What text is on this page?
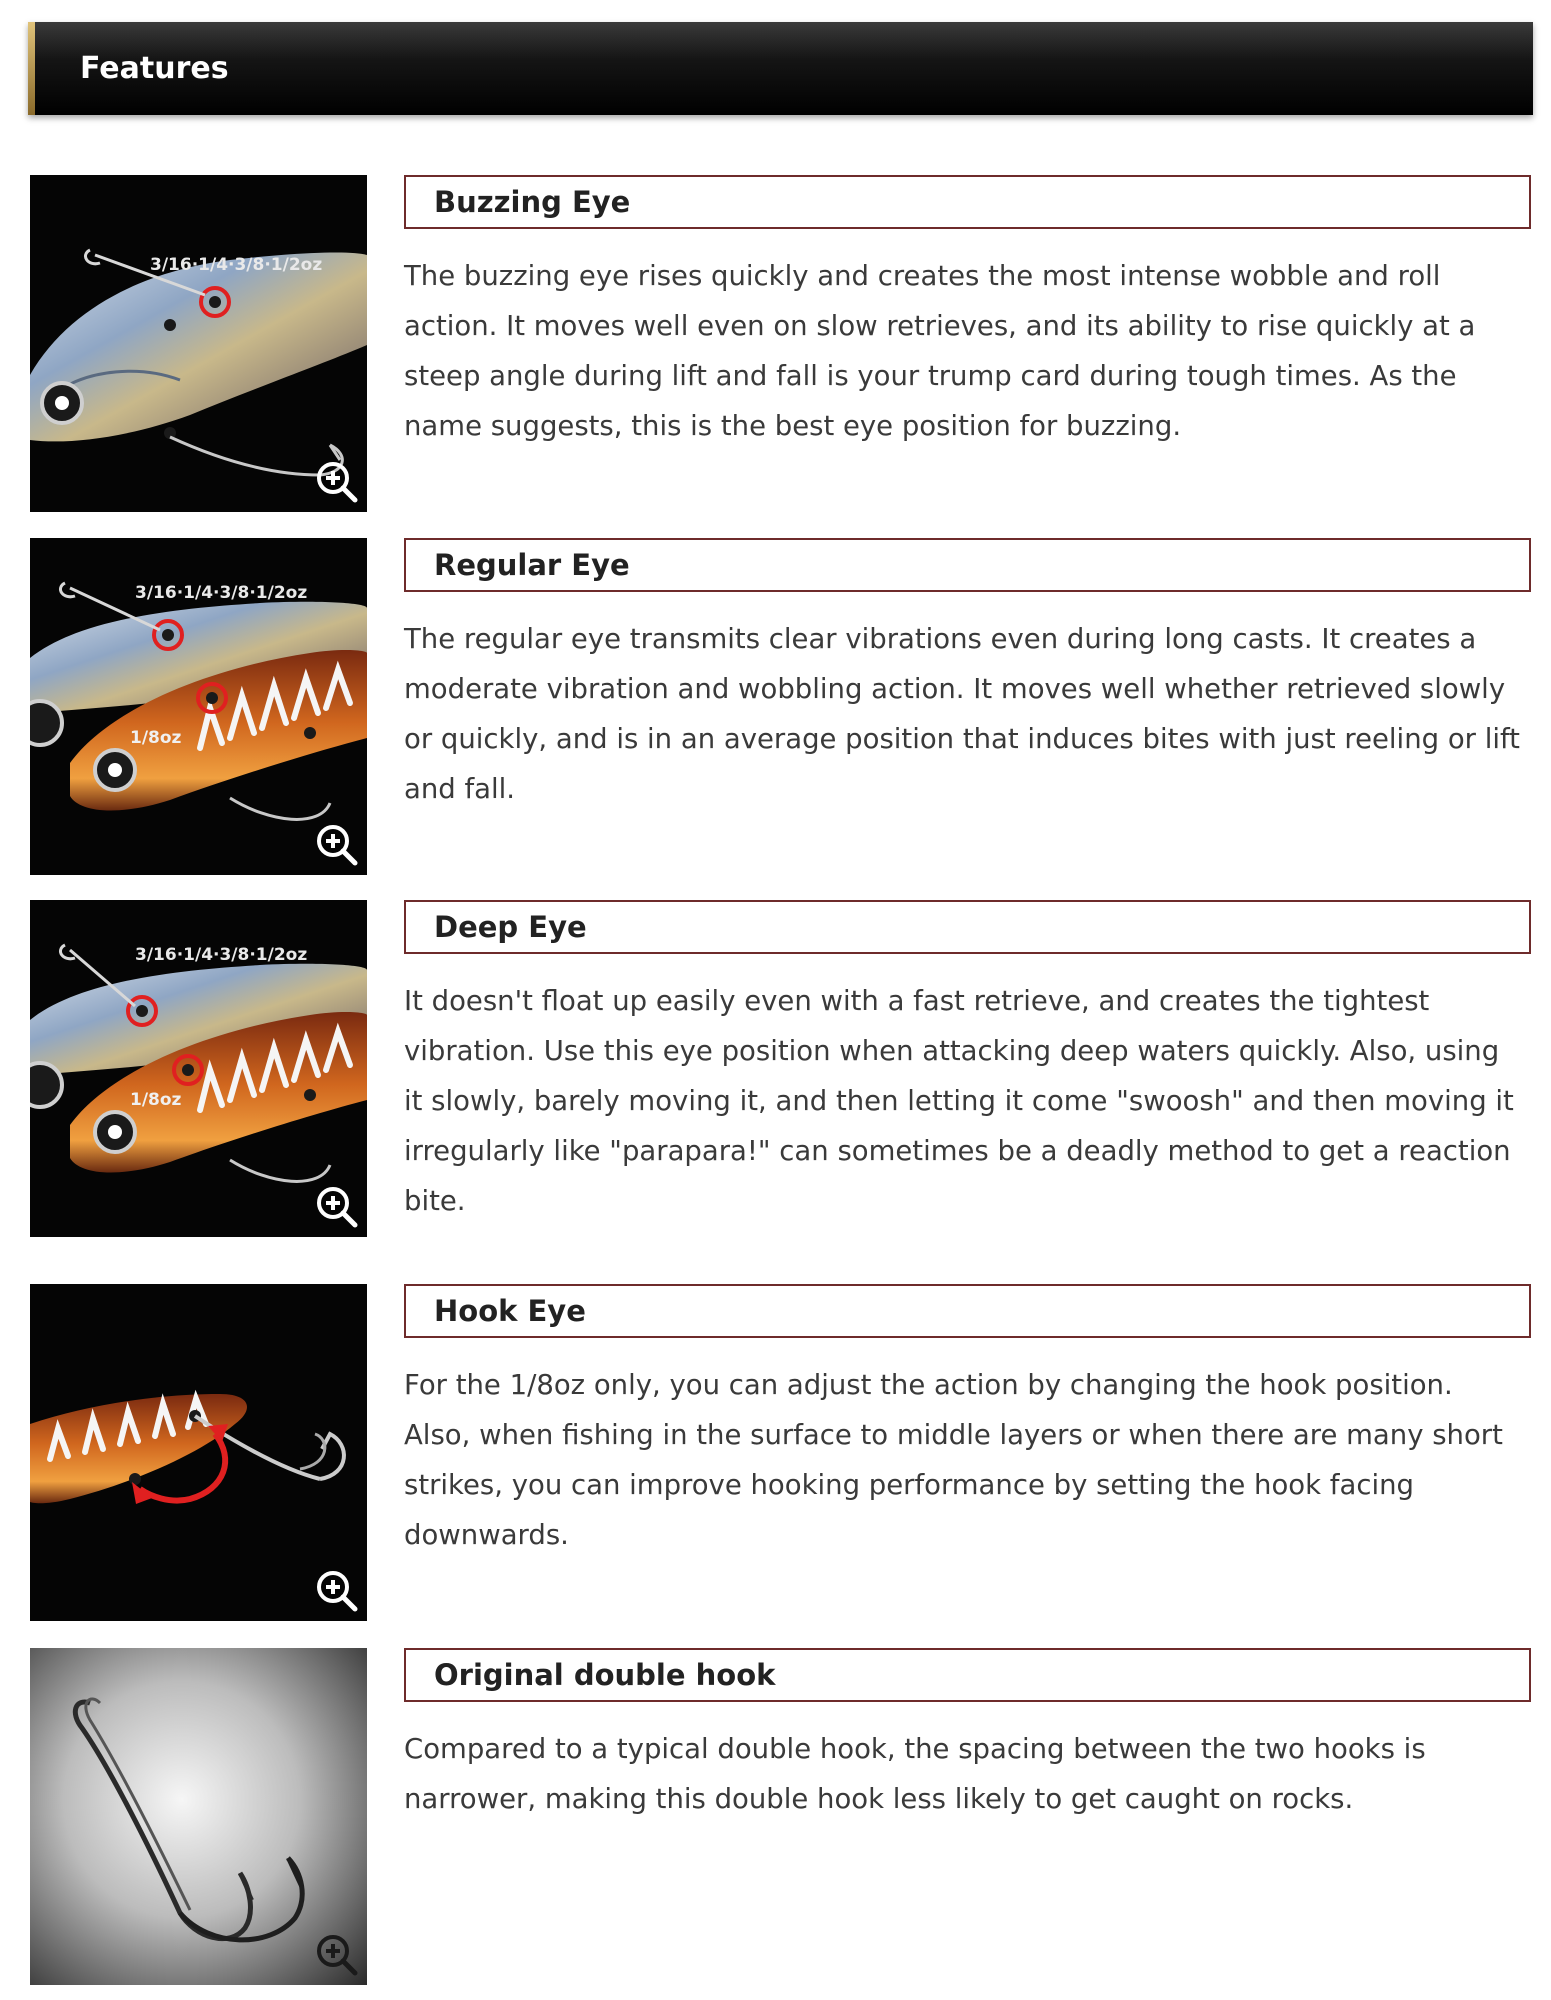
Features
3/16·1/4·3/8·1/2oz
Buzzing Eye

The buzzing eye rises quickly and creates the most intense wobble and roll action. It moves well even on slow retrieves, and its ability to rise quickly at a steep angle during lift and fall is your trump card during tough times. As the name suggests, this is the best eye position for buzzing.

3/16·1/4·3/8·1/2oz
1/8oz
Regular Eye

The regular eye transmits clear vibrations even during long casts. It creates a moderate vibration and wobbling action. It moves well whether retrieved slowly or quickly, and is in an average position that induces bites with just reeling or lift and fall.

3/16·1/4·3/8·1/2oz
1/8oz
Deep Eye

It doesn't float up easily even with a fast retrieve, and creates the tightest vibration. Use this eye position when attacking deep waters quickly. Also, using it slowly, barely moving it, and then letting it come "swoosh" and then moving it irregularly like "parapara!" can sometimes be a deadly method to get a reaction bite.

Hook Eye

For the 1/8oz only, you can adjust the action by changing the hook position. Also, when fishing in the surface to middle layers or when there are many short strikes, you can improve hooking performance by setting the hook facing downwards.

Original double hook

Compared to a typical double hook, the spacing between the two hooks is narrower, making this double hook less likely to get caught on rocks.
